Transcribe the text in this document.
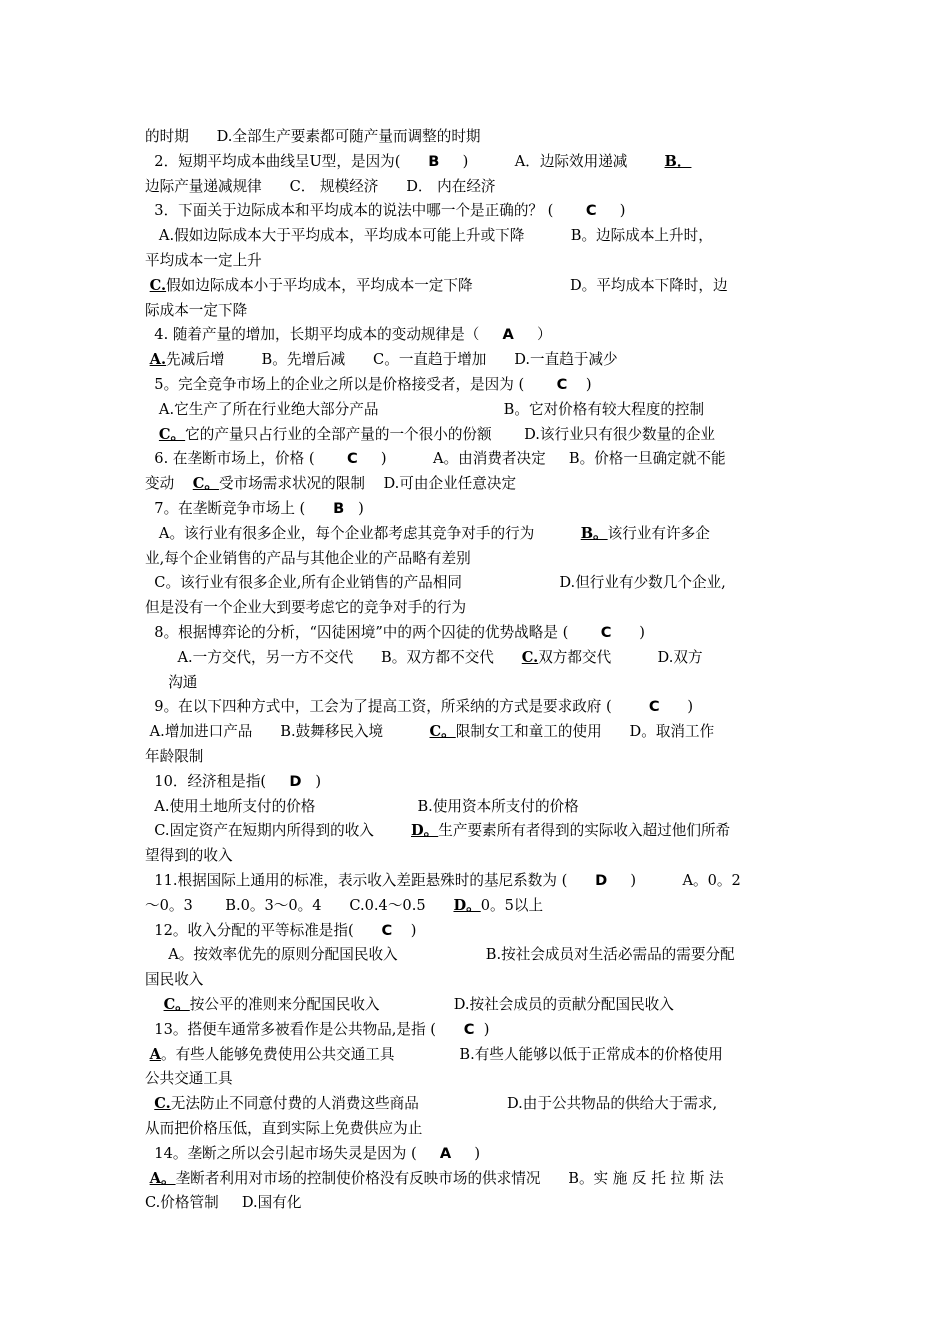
的时期      D.全部生产要素都可随产量而调整的时期
2．短期平均成本曲线呈U型，是因为(      B     )          A．边际效用递减        B．
边际产量递减规律      C． 规模经济      D． 内在经济
3．下面关于边际成本和平均成本的说法中哪一个是正确的？ (       C     )
A.假如边际成本大于平均成本，平均成本可能上升或下降          B。边际成本上升时，
平均成本一定上升
C.假如边际成本小于平均成本，平均成本一定下降                     D。平均成本下降时，边
际成本一定下降
4. 随着产量的增加，长期平均成本的变动规律是（     A     ）
A.先减后增        B。先增后减      C。一直趋于增加      D.一直趋于减少
5。完全竞争市场上的企业之所以是价格接受者，是因为 (       C    )
A.它生产了所在行业绝大部分产品                           B。它对价格有较大程度的控制
C。它的产量只占行业的全部产量的一个很小的份额       D.该行业只有很少数量的企业
6. 在垄断市场上，价格 (       C     )          A。由消费者决定     B。价格一旦确定就不能
变动    C。受市场需求状况的限制    D.可由企业任意决定
7。在垄断竞争市场上 (      B   )
A。该行业有很多企业，每个企业都考虑其竞争对手的行为          B。该行业有许多企
业,每个企业销售的产品与其他企业的产品略有差别
C。该行业有很多企业,所有企业销售的产品相同                     D.但行业有少数几个企业,
但是没有一个企业大到要考虑它的竞争对手的行为
8。根据博弈论的分析，“囚徒困境”中的两个囚徒的优势战略是 (       C      )
A.一方交代，另一方不交代      B。双方都不交代      C.双方都交代          D.双方
沟通
9。在以下四种方式中，工会为了提高工资，所采纳的方式是要求政府 (        C      )
A.增加进口产品      B.鼓舞移民入境          C。限制女工和童工的使用      D。取消工作
年龄限制
10．经济租是指(     D   )
A.使用土地所支付的价格                      B.使用资本所支付的价格
C.固定资产在短期内所得到的收入        D。生产要素所有者得到的实际收入超过他们所希
望得到的收入
11.根据国际上通用的标准，表示收入差距悬殊时的基尼系数为 (      D     )          A。0。2
～0。3       B.0。3～0。4      C.0.4～0.5      D。0。5以上
12。收入分配的平等标准是指(      C    )
A。按效率优先的原则分配国民收入                   B.按社会成员对生活必需品的需要分配
国民收入
C。按公平的准则来分配国民收入                D.按社会成员的贡献分配国民收入
13。搭便车通常多被看作是公共物品,是指 (      C  )
A。有些人能够免费使用公共交通工具              B.有些人能够以低于正常成本的价格使用
公共交通工具
C.无法防止不同意付费的人消费这些商品                   D.由于公共物品的供给大于需求,
从而把价格压低，直到实际上免费供应为止
14。垄断之所以会引起市场失灵是因为 (     A     )
A。垄断者利用对市场的控制使价格没有反映市场的供求情况      B。实 施 反 托 拉 斯 法
C.价格管制     D.国有化
